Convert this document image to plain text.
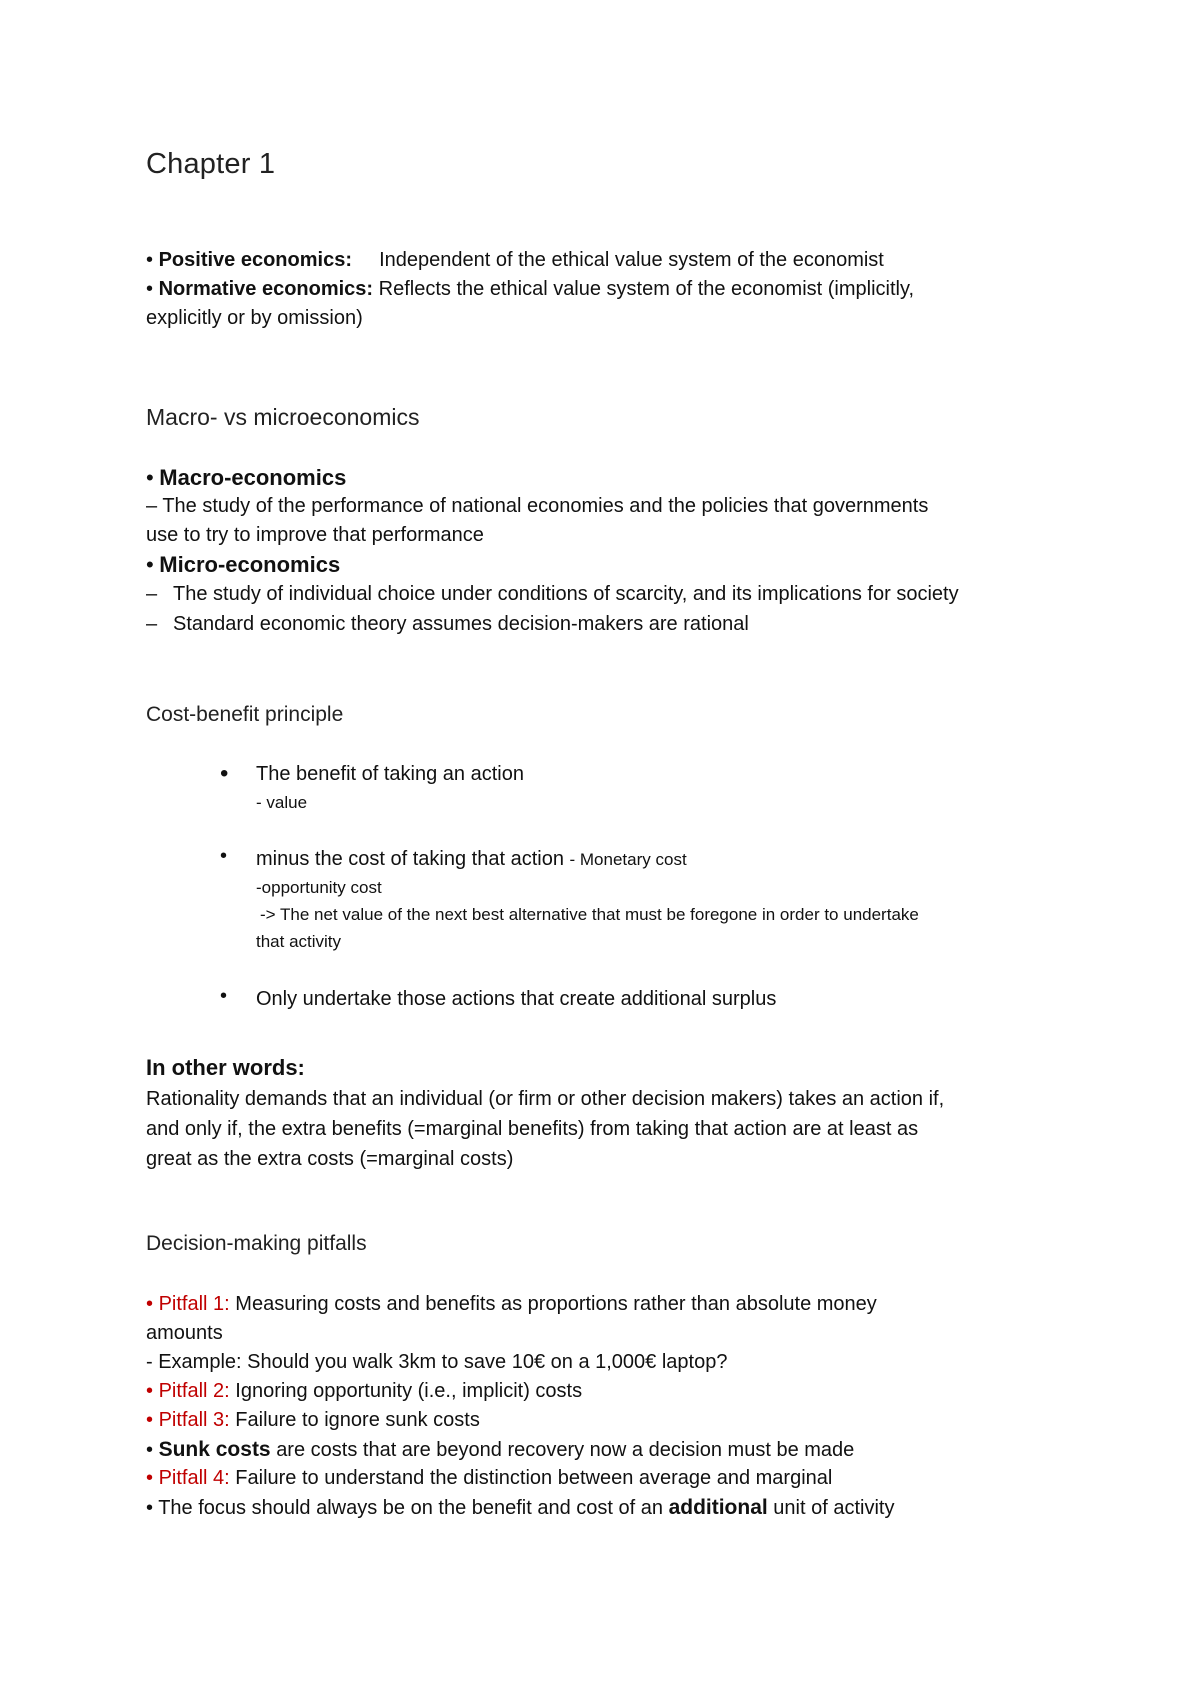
Chapter 1
• Positive economics: Independent of the ethical value system of the economist
• Normative economics: Reflects the ethical value system of the economist (implicitly,
explicitly or by omission)
Macro- vs microeconomics
• Macro-economics
– The study of the performance of national economies and the policies that governments
use to try to improve that performance
• Micro-economics
– The study of individual choice under conditions of scarcity, and its implications for society
– Standard economic theory assumes decision-makers are rational
Cost-benefit principle
• The benefit of taking an action
- value
• minus the cost of taking that action - Monetary cost
-opportunity cost
-> The net value of the next best alternative that must be foregone in order to undertake
that activity
• Only undertake those actions that create additional surplus
In other words:
Rationality demands that an individual (or firm or other decision makers) takes an action if,
and only if, the extra benefits (=marginal benefits) from taking that action are at least as
great as the extra costs (=marginal costs)
Decision-making pitfalls
• Pitfall 1: Measuring costs and benefits as proportions rather than absolute money
amounts
- Example: Should you walk 3km to save 10€ on a 1,000€ laptop?
• Pitfall 2: Ignoring opportunity (i.e., implicit) costs
• Pitfall 3: Failure to ignore sunk costs
• Sunk costs are costs that are beyond recovery now a decision must be made
• Pitfall 4: Failure to understand the distinction between average and marginal
• The focus should always be on the benefit and cost of an additional unit of activity
